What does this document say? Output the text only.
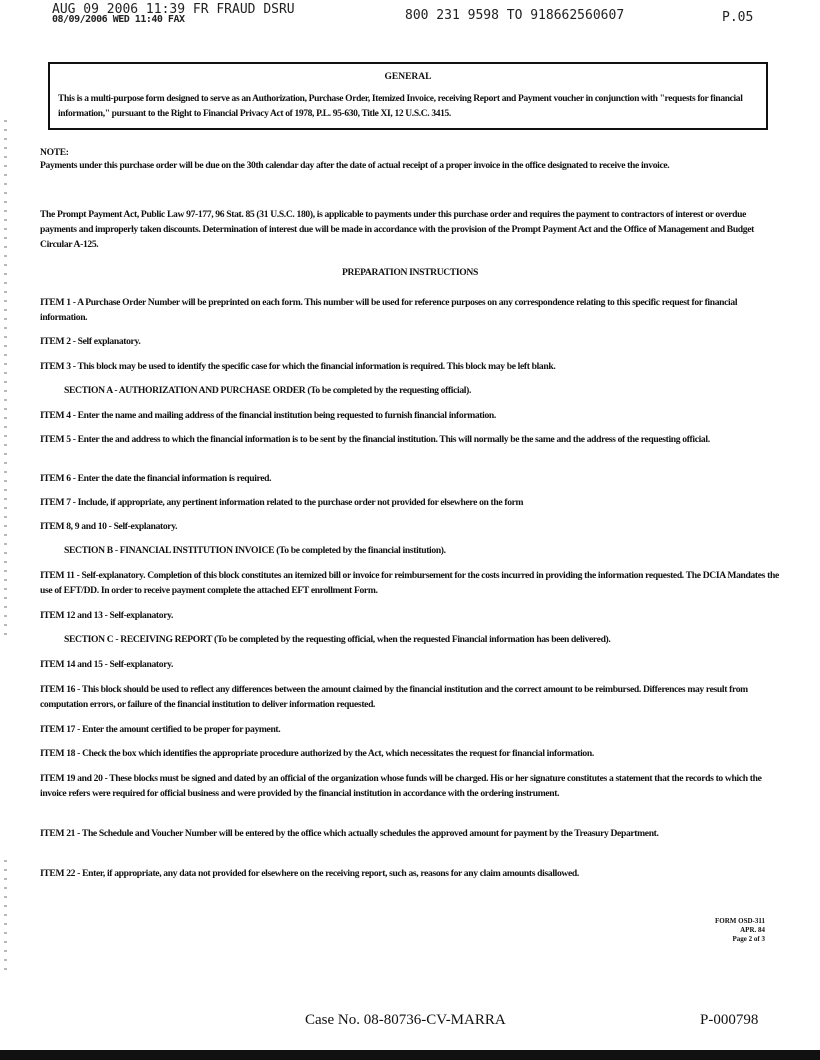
AUG 09 2006 11:39 FR FRAUD DSRU
08/09/2006 WED 11:40 FAX	800 231 9598 TO 918662560607	P.05
GENERAL
This is a multi-purpose form designed to serve as an Authorization, Purchase Order, Itemized Invoice, receiving Report and Payment voucher in conjunction with "requests for financial information," pursuant to the Right to Financial Privacy Act of 1978, P.L. 95-630, Title XI, 12 U.S.C. 3415.
NOTE:
Payments under this purchase order will be due on the 30th calendar day after the date of actual receipt of a proper invoice in the office designated to receive the invoice.
The Prompt Payment Act, Public Law 97-177, 96 Stat. 85 (31 U.S.C. 180), is applicable to payments under this purchase order and requires the payment to contractors of interest or overdue payments and improperly taken discounts. Determination of interest due will be made in accordance with the provision of the Prompt Payment Act and the Office of Management and Budget Circular A-125.
PREPARATION INSTRUCTIONS
ITEM 1 - A Purchase Order Number will be preprinted on each form. This number will be used for reference purposes on any correspondence relating to this specific request for financial information.
ITEM 2 - Self explanatory.
ITEM 3 - This block may be used to identify the specific case for which the financial information is required. This block may be left blank.
SECTION A - AUTHORIZATION AND PURCHASE ORDER (To be completed by the requesting official).
ITEM 4 - Enter the name and mailing address of the financial institution being requested to furnish financial information.
ITEM 5 - Enter the and address to which the financial information is to be sent by the financial institution. This will normally be the same and the address of the requesting official.
ITEM 6 - Enter the date the financial information is required.
ITEM 7 - Include, if appropriate, any pertinent information related to the purchase order not provided for elsewhere on the form
ITEM 8, 9 and 10 - Self-explanatory.
SECTION B - FINANCIAL INSTITUTION INVOICE (To be completed by the financial institution).
ITEM 11 - Self-explanatory. Completion of this block constitutes an itemized bill or invoice for reimbursement for the costs incurred in providing the information requested. The DCIA Mandates the use of EFT/DD. In order to receive payment complete the attached EFT enrollment Form.
ITEM 12 and 13 - Self-explanatory.
SECTION C - RECEIVING REPORT (To be completed by the requesting official, when the requested Financial information has been delivered).
ITEM 14 and 15 - Self-explanatory.
ITEM 16 - This block should be used to reflect any differences between the amount claimed by the financial institution and the correct amount to be reimbursed. Differences may result from computation errors, or failure of the financial institution to deliver information requested.
ITEM 17 - Enter the amount certified to be proper for payment.
ITEM 18 - Check the box which identifies the appropriate procedure authorized by the Act, which necessitates the request for financial information.
ITEM 19 and 20 - These blocks must be signed and dated by an official of the organization whose funds will be charged. His or her signature constitutes a statement that the records to which the invoice refers were required for official business and were provided by the financial institution in accordance with the ordering instrument.
ITEM 21 - The Schedule and Voucher Number will be entered by the office which actually schedules the approved amount for payment by the Treasury Department.
ITEM 22 - Enter, if appropriate, any data not provided for elsewhere on the receiving report, such as, reasons for any claim amounts disallowed.
FORM OSD-311
APR. 84
Page 2 of 3
Case No. 08-80736-CV-MARRA	P-000798
